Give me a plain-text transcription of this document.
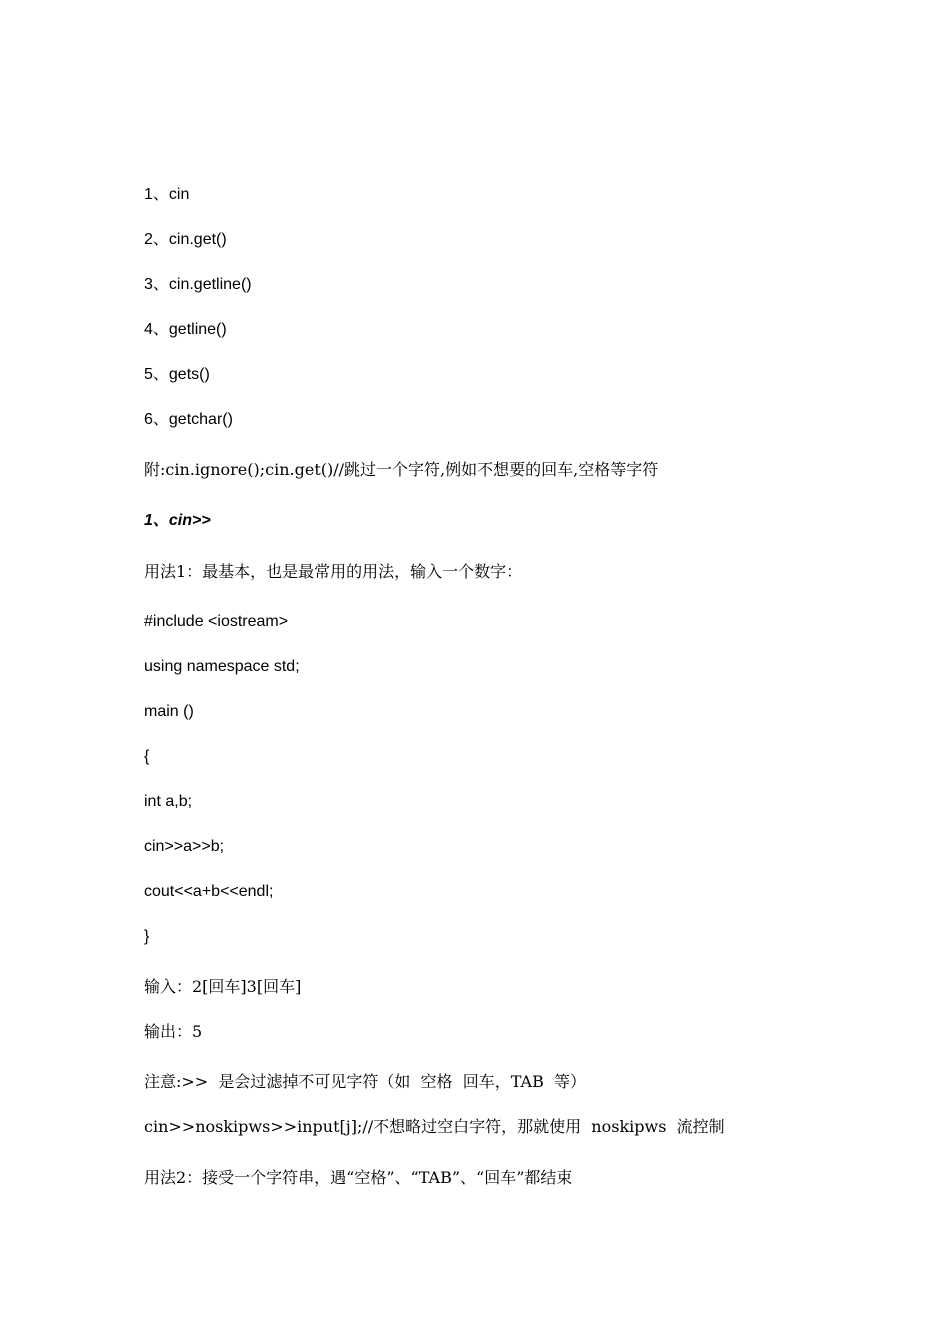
1、cin
2、cin.get()
3、cin.getline()
4、getline()
5、gets()
6、getchar()
附:cin.ignore();cin.get()//跳过一个字符,例如不想要的回车,空格等字符
1、cin>>
用法1：最基本，也是最常用的用法，输入一个数字：
#include <iostream>
using namespace std;
main ()
{
int a,b;
cin>>a>>b;
cout<<a+b<<endl;
}
输入：2[回车]3[回车]
输出：5
注意:>>  是会过滤掉不可见字符（如  空格  回车，TAB  等）
cin>>noskipws>>input[j];//不想略过空白字符，那就使用  noskipws  流控制
用法2：接受一个字符串，遇“空格”、“TAB”、“回车”都结束
